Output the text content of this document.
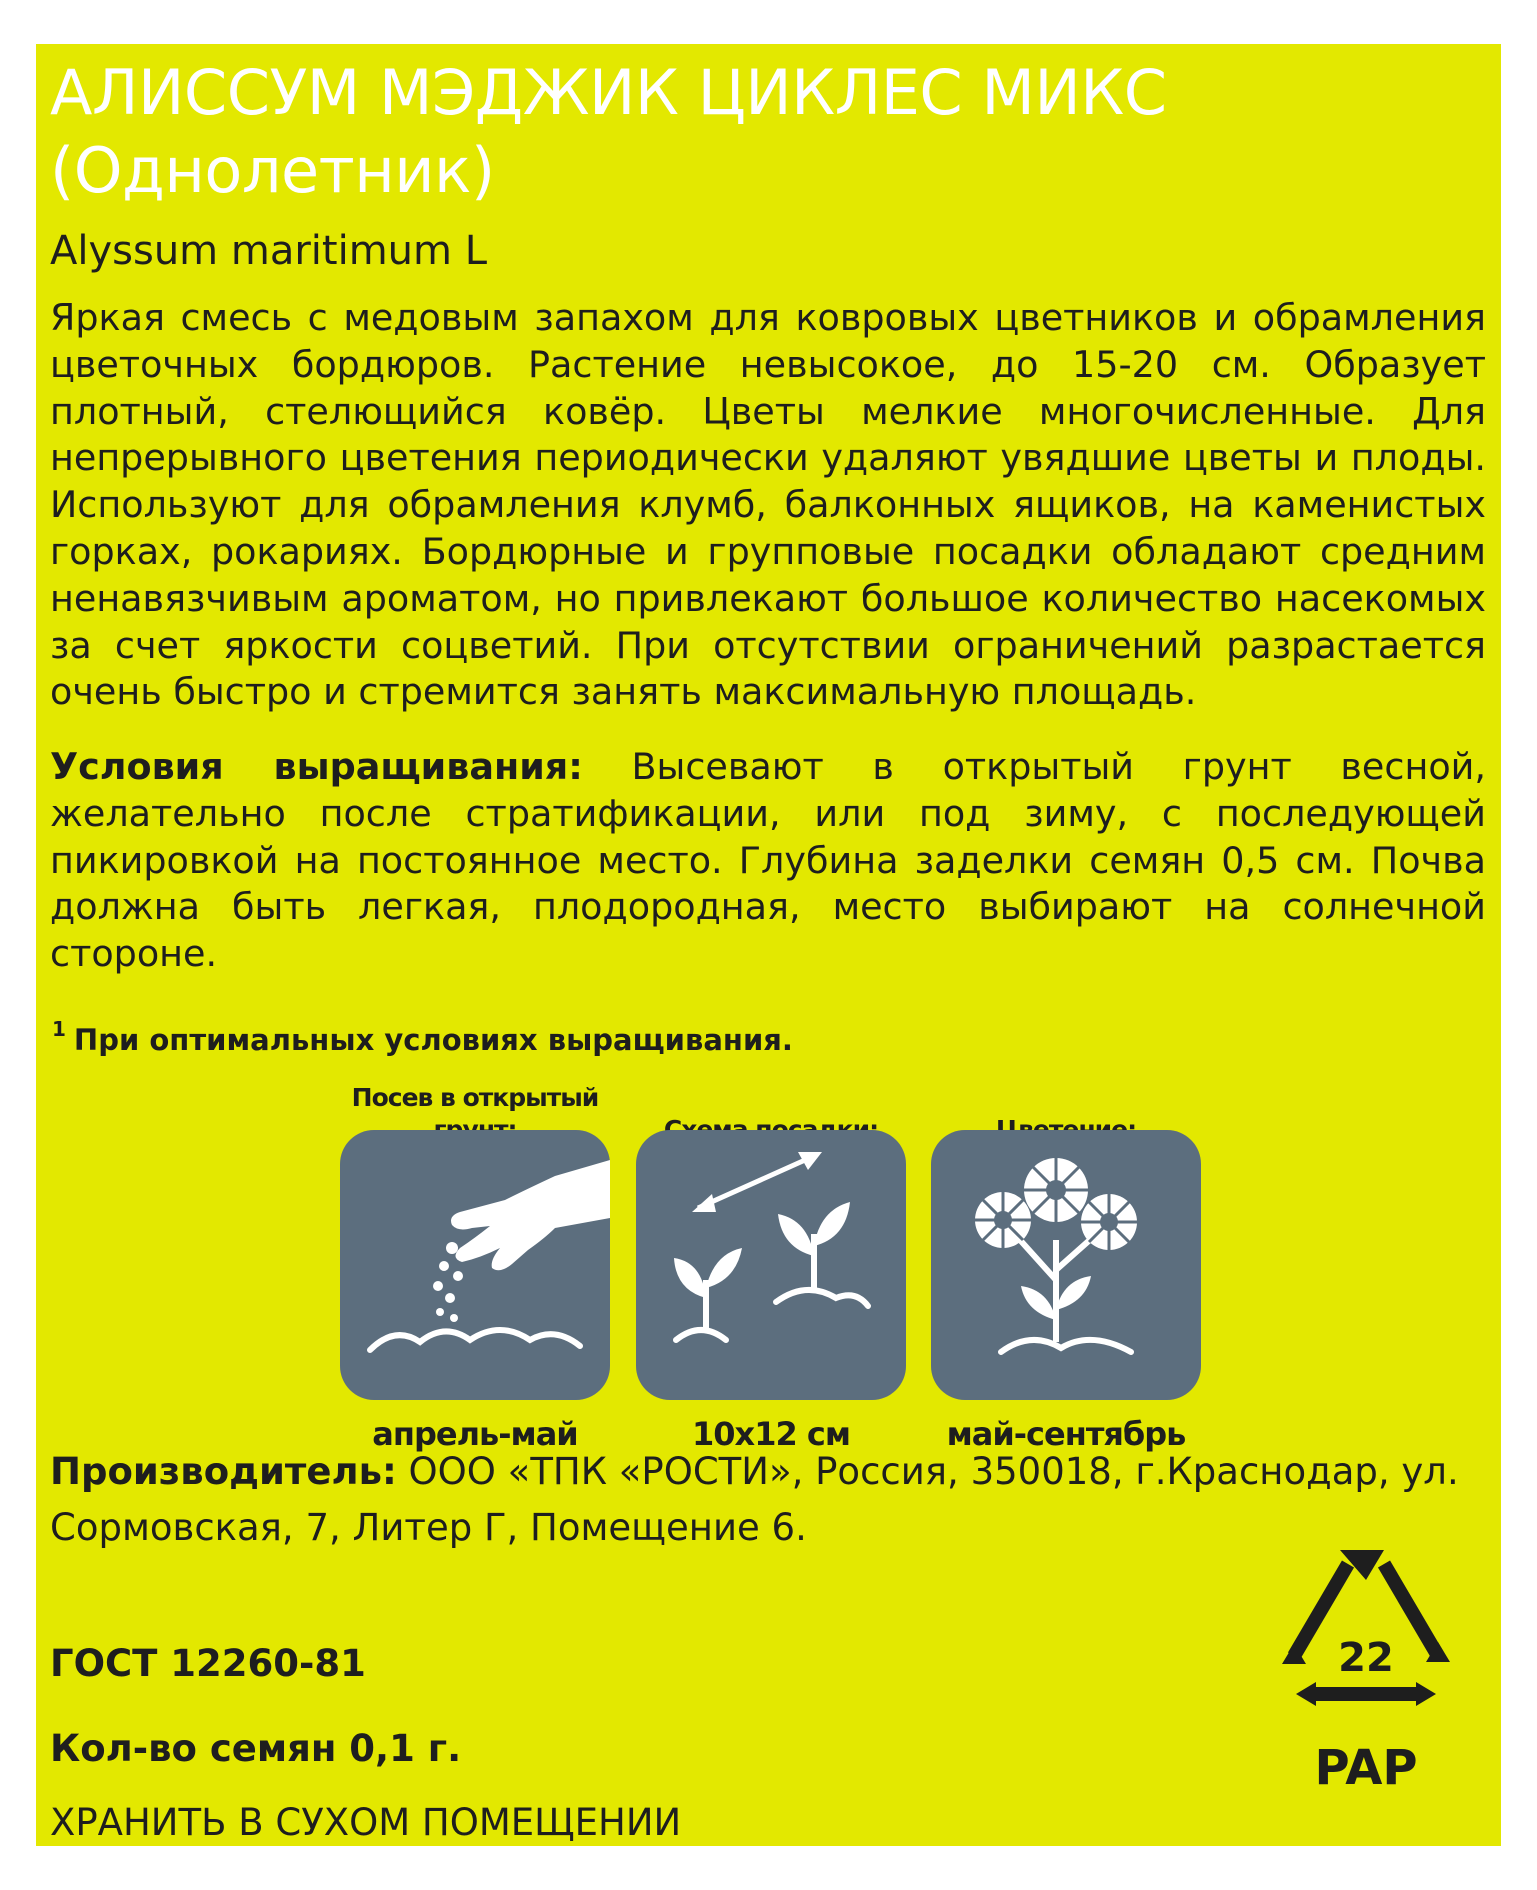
АЛИССУМ МЭДЖИК ЦИКЛЕС МИКС (Однолетник)
Alyssum maritimum L
Яркая смесь с медовым запахом для ковровых цветников и обрамления цветочных бордюров. Растение невысокое, до 15-20 см. Образует плотный, стелющийся ковёр. Цветы мелкие многочисленные. Для непрерывного цветения периодически удаляют увядшие цветы и плоды. Используют для обрамления клумб, балконных ящиков, на каменистых горках, рокариях. Бордюрные и групповые посадки обладают средним ненавязчивым ароматом, но привлекают большое количество насекомых за счет яркости соцветий. При отсутствии ограничений разрастается очень быстро и стремится занять максимальную площадь.
Условия выращивания: Высевают в открытый грунт весной, желательно после стратификации, или под зиму, с последующей пикировкой на постоянное место. Глубина заделки семян 0,5 см. Почва должна быть легкая, плодородная, место выбирают на солнечной стороне.
$^1$ При оптимальных условиях выращивания.
Посев в открытый
апрель-май	10х12 см	май-сентябрь
Производитель: ООО «ТПК «РОСТИ», Россия, 350018, г.Краснодар, ул. Сормовская, 7, Литер Г, Помещение 6.
ГОСТ 12260-81
Кол-во семян 0,1 г.
ХРАНИТЬ В СУХОМ ПОМЕЩЕНИИ
22
PAP
